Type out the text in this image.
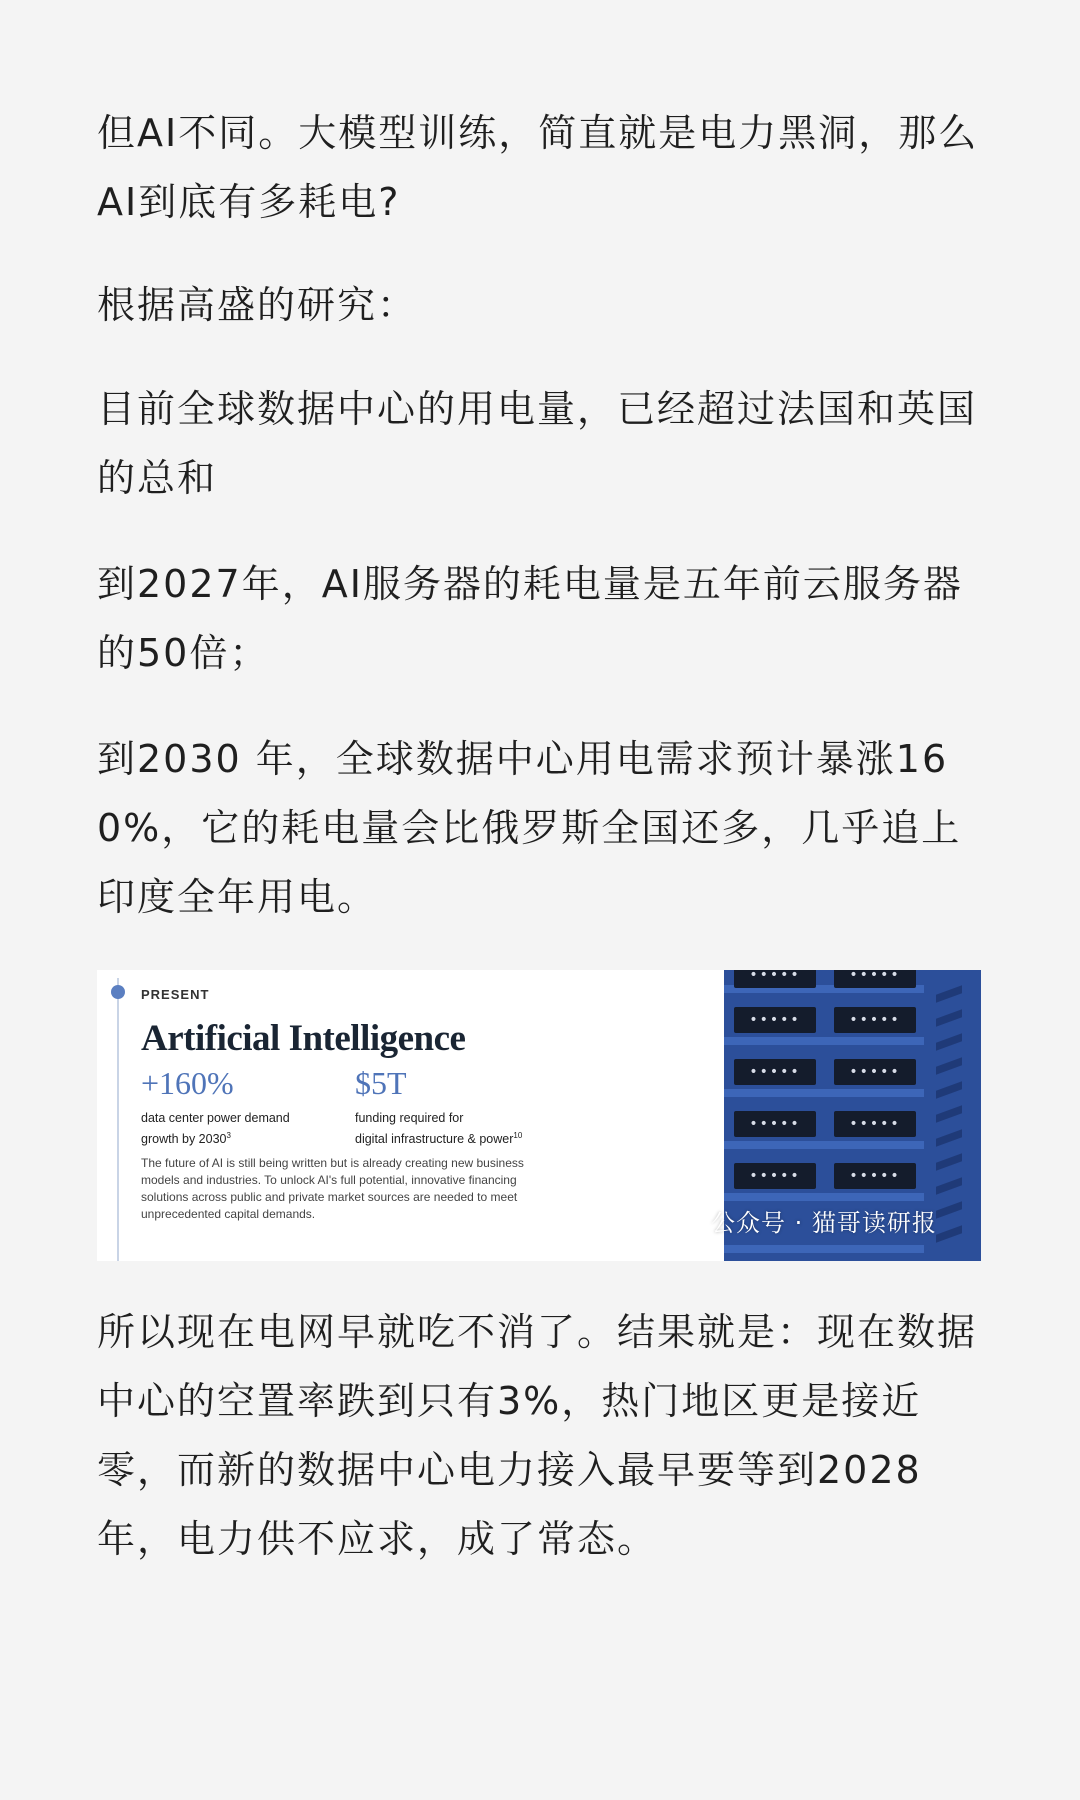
但AI不同。大模型训练，简直就是电力黑洞，那么AI到底有多耗电?

根据高盛的研究：

目前全球数据中心的用电量，已经超过法国和英国的总和

到2027年，AI服务器的耗电量是五年前云服务器的50倍；

到2030 年，全球数据中心用电需求预计暴涨160%，它的耗电量会比俄罗斯全国还多，几乎追上印度全年用电。

所以现在电网早就吃不消了。结果就是：现在数据中心的空置率跌到只有3%，热门地区更是接近零，而新的数据中心电力接入最早要等到2028年，电力供不应求，成了常态。

PRESENT
Artificial Intelligence
+160%	$5T
data center power demand
growth by 2030$^3$
funding required for
digital infrastructure & power$^{10}$
The future of AI is still being written but is already creating new business models and industries. To unlock AI's full potential, innovative financing solutions across public and private market sources are needed to meet unprecedented capital demands.
•••••	•••••
•••••	•••••
•••••	•••••
•••••	•••••
•••••	•••••
公众号 · 猫哥读研报
